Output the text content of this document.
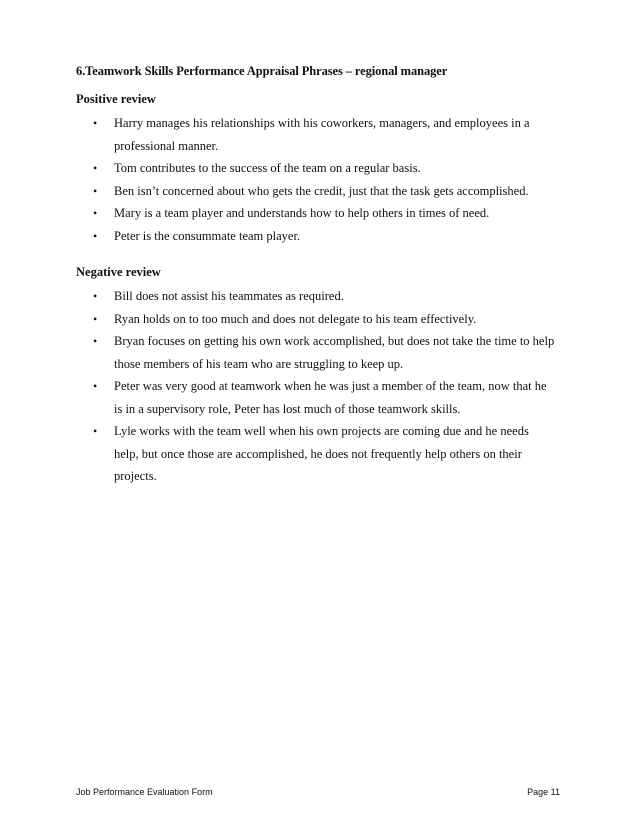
6.Teamwork Skills Performance Appraisal Phrases – regional manager
Positive review
• Harry manages his relationships with his coworkers, managers, and employees in a professional manner.
• Tom contributes to the success of the team on a regular basis.
• Ben isn’t concerned about who gets the credit, just that the task gets accomplished.
• Mary is a team player and understands how to help others in times of need.
• Peter is the consummate team player.
Negative review
• Bill does not assist his teammates as required.
• Ryan holds on to too much and does not delegate to his team effectively.
• Bryan focuses on getting his own work accomplished, but does not take the time to help those members of his team who are struggling to keep up.
• Peter was very good at teamwork when he was just a member of the team, now that he is in a supervisory role, Peter has lost much of those teamwork skills.
• Lyle works with the team well when his own projects are coming due and he needs help, but once those are accomplished, he does not frequently help others on their projects.
Job Performance Evaluation Form	Page 11
